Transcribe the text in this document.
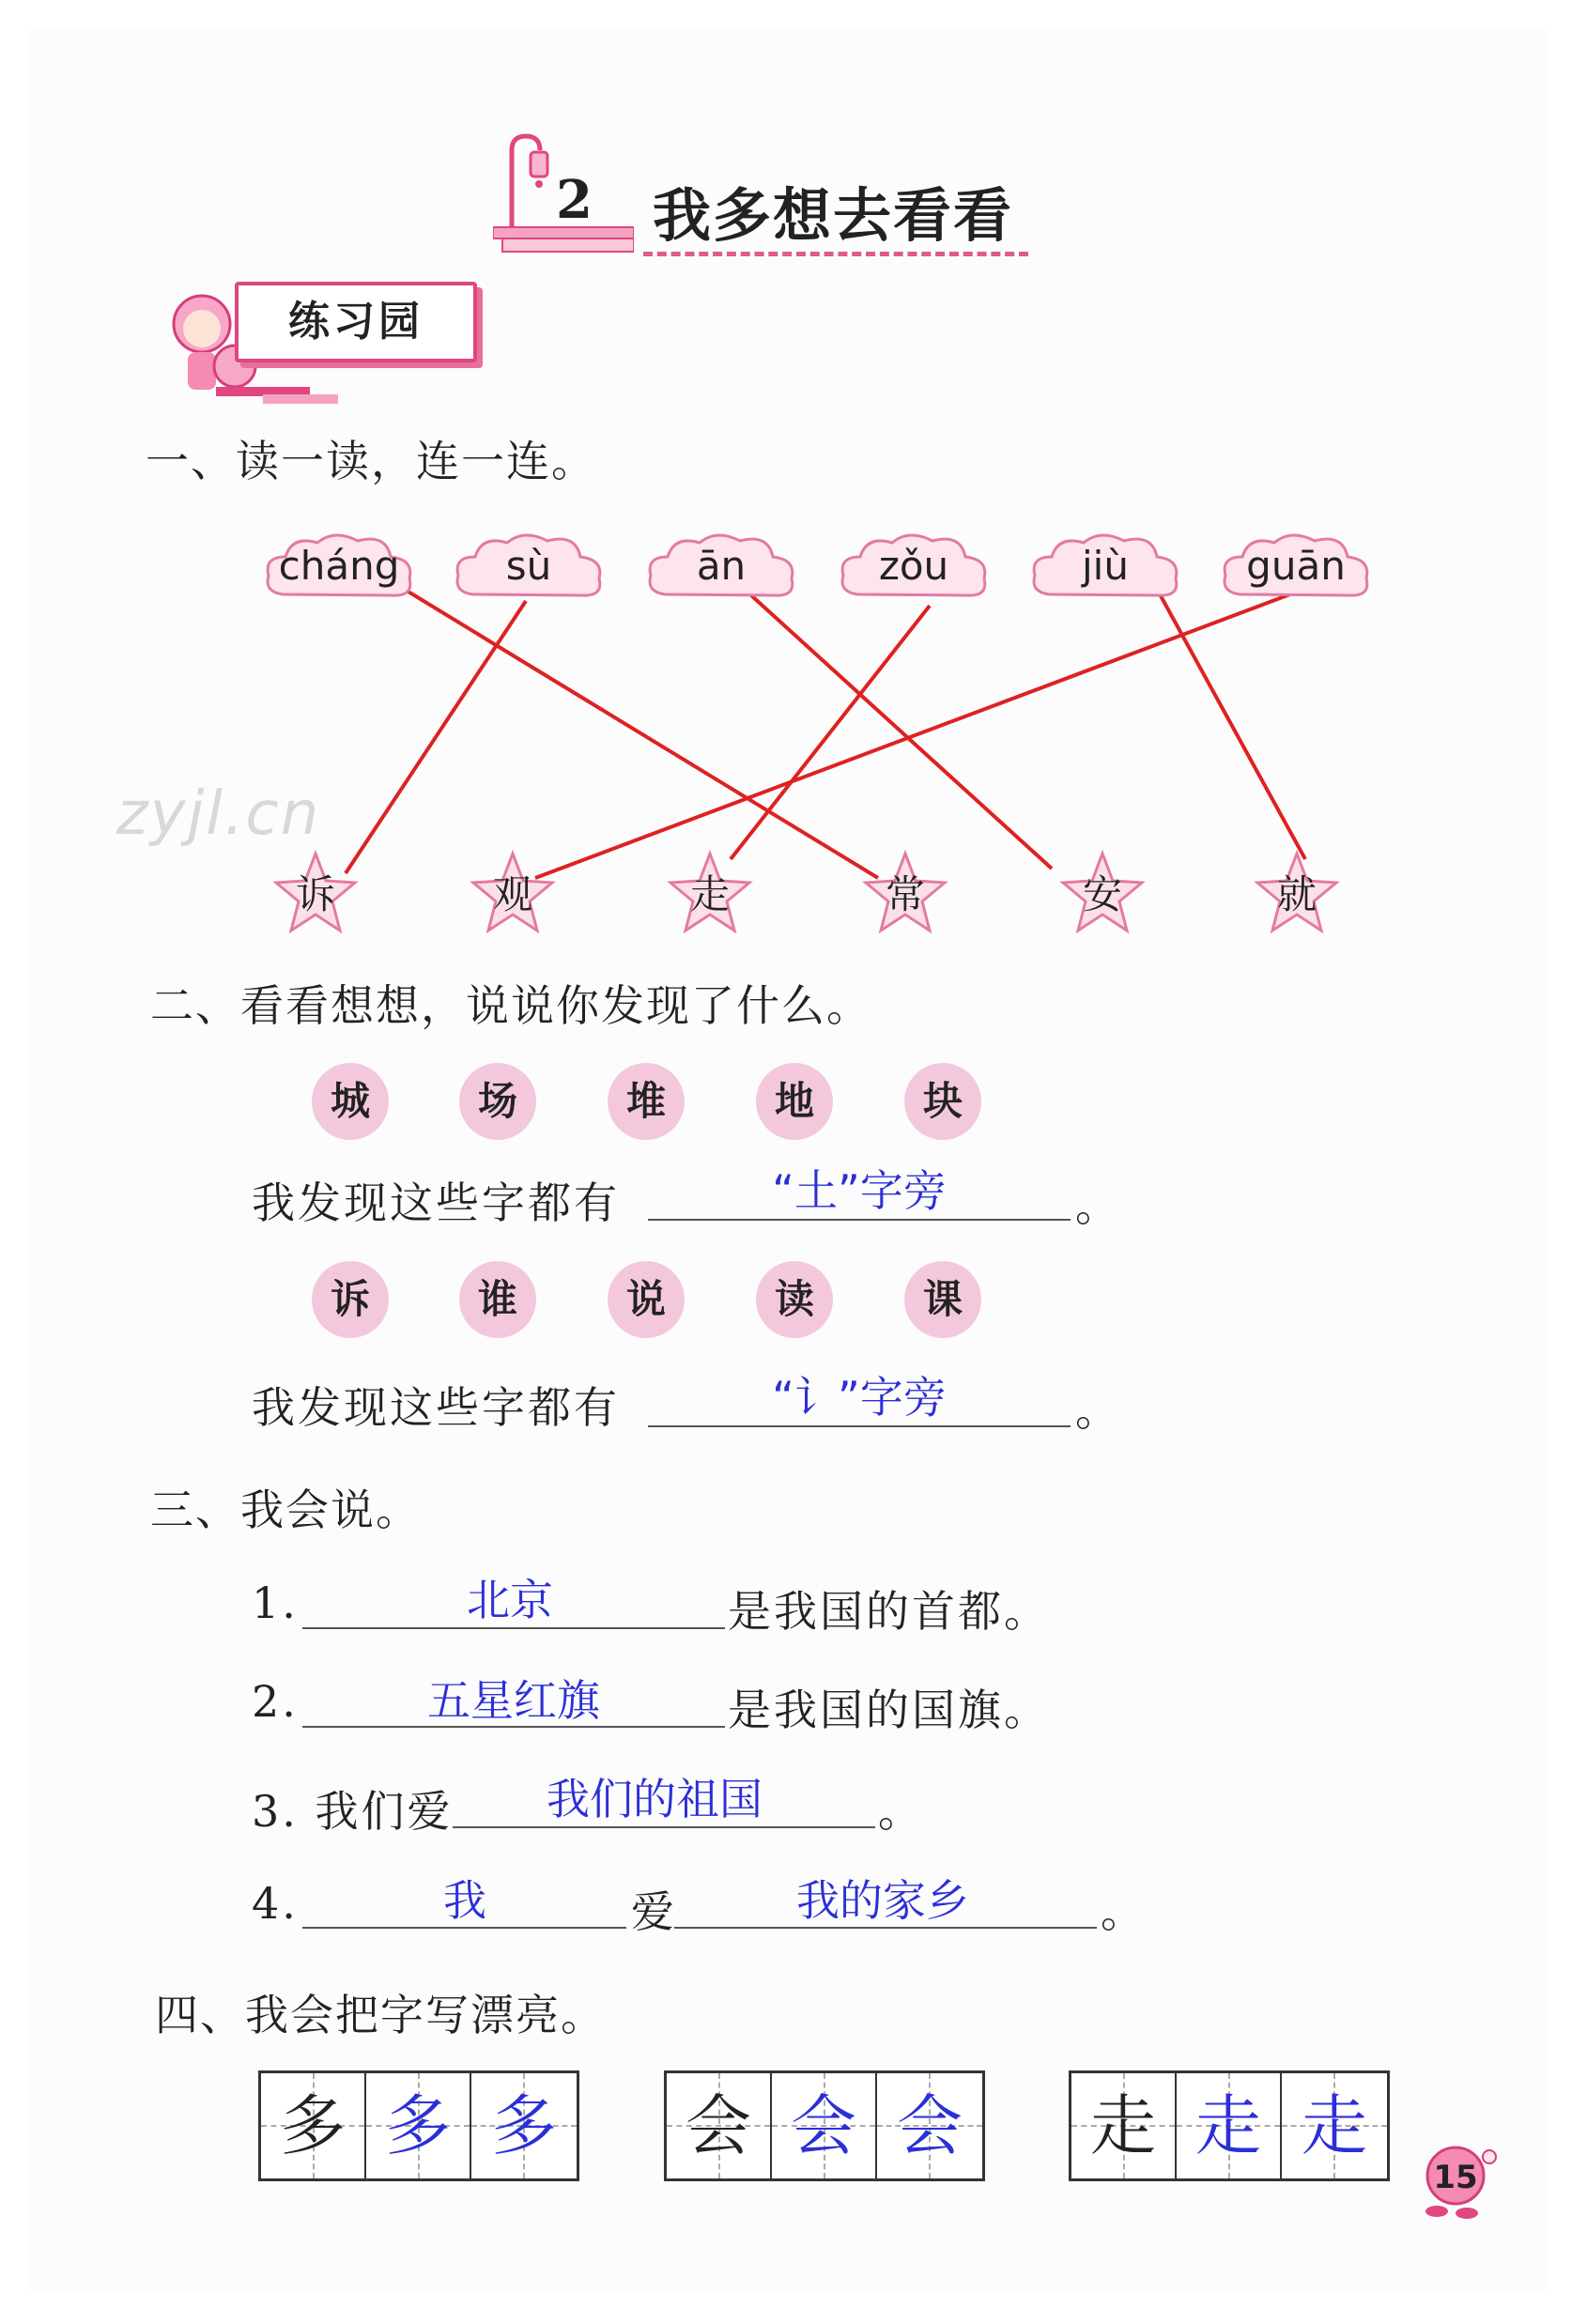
2 我多想去看看
练习园
一、读一读，连一连。
zyjl.cn
cháng	sù	ān	zǒu	jiù	guān
诉	观	走	常	安	就
二、看看想想，说说你发现了什么。
城	场	堆	地	块
我发现这些字都有	“土”字旁	。
诉	谁	说	读	课
我发现这些字都有	“讠”字旁	。
三、我会说。
1.	北京	是我国的首都。
2.	五星红旗	是我国的国旗。
3. 我们爱	我们的祖国	。
4.	我	爱	我的家乡	。
四、我会把字写漂亮。
多 多 多	会 会 会	走 走 走
15
